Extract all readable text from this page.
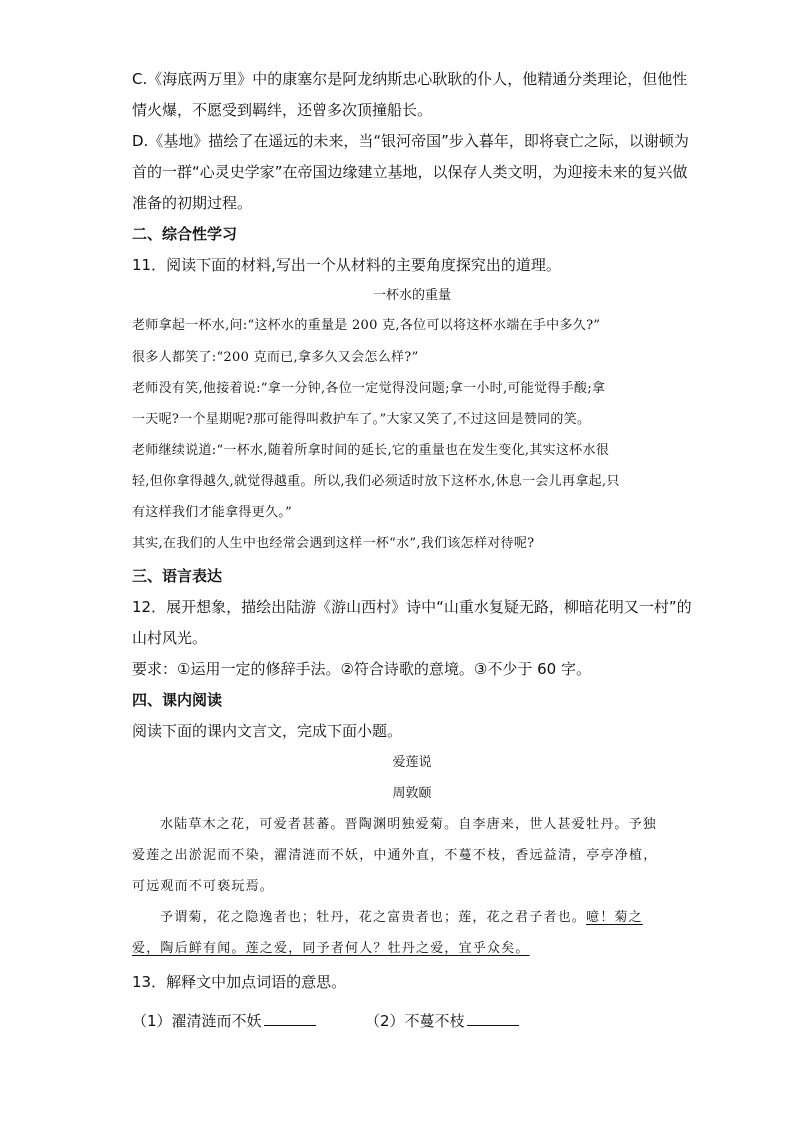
C.《海底两万里》中的康塞尔是阿龙纳斯忠心耿耿的仆人，他精通分类理论，但他性
情火爆，不愿受到羁绊，还曾多次顶撞船长。
D.《基地》描绘了在遥远的未来，当“银河帝国”步入暮年，即将衰亡之际，以谢顿为
首的一群“心灵史学家”在帝国边缘建立基地，以保存人类文明，为迎接未来的复兴做
准备的初期过程。
二、综合性学习
11．阅读下面的材料,写出一个从材料的主要角度探究出的道理。
一杯水的重量
老师拿起一杯水,问:“这杯水的重量是 200 克,各位可以将这杯水端在手中多久?”
很多人都笑了:“200 克而已,拿多久又会怎么样?”
老师没有笑,他接着说:“拿一分钟,各位一定觉得没问题;拿一小时,可能觉得手酸;拿
一天呢?一个星期呢?那可能得叫救护车了。”大家又笑了,不过这回是赞同的笑。
老师继续说道:“一杯水,随着所拿时间的延长,它的重量也在发生变化,其实这杯水很
轻,但你拿得越久,就觉得越重。所以,我们必须适时放下这杯水,休息一会儿再拿起,只
有这样我们才能拿得更久。”
其实,在我们的人生中也经常会遇到这样一杯“水”,我们该怎样对待呢?
三、语言表达
12．展开想象，描绘出陆游《游山西村》诗中“山重水复疑无路，柳暗花明又一村”的
山村风光。
要求：①运用一定的修辞手法。②符合诗歌的意境。③不少于 60 字。
四、课内阅读
阅读下面的课内文言文，完成下面小题。
爱莲说
周敦颐
水陆草木之花，可爱者甚蕃。晋陶渊明独爱菊。自李唐来，世人甚爱牡丹。予独
爱莲之出淤泥而不染，濯清涟而不妖，中通外直，不蔓不枝，香远益清，亭亭净植，
可远观而不可亵玩焉。
予谓菊，花之隐逸者也；牡丹，花之富贵者也；莲，花之君子者也。噫！菊之
爱，陶后鲜有闻。莲之爱，同予者何人？牡丹之爱，宜乎众矣。
13．解释文中加点词语的意思。
（1）濯清涟而不妖	（2）不蔓不枝
